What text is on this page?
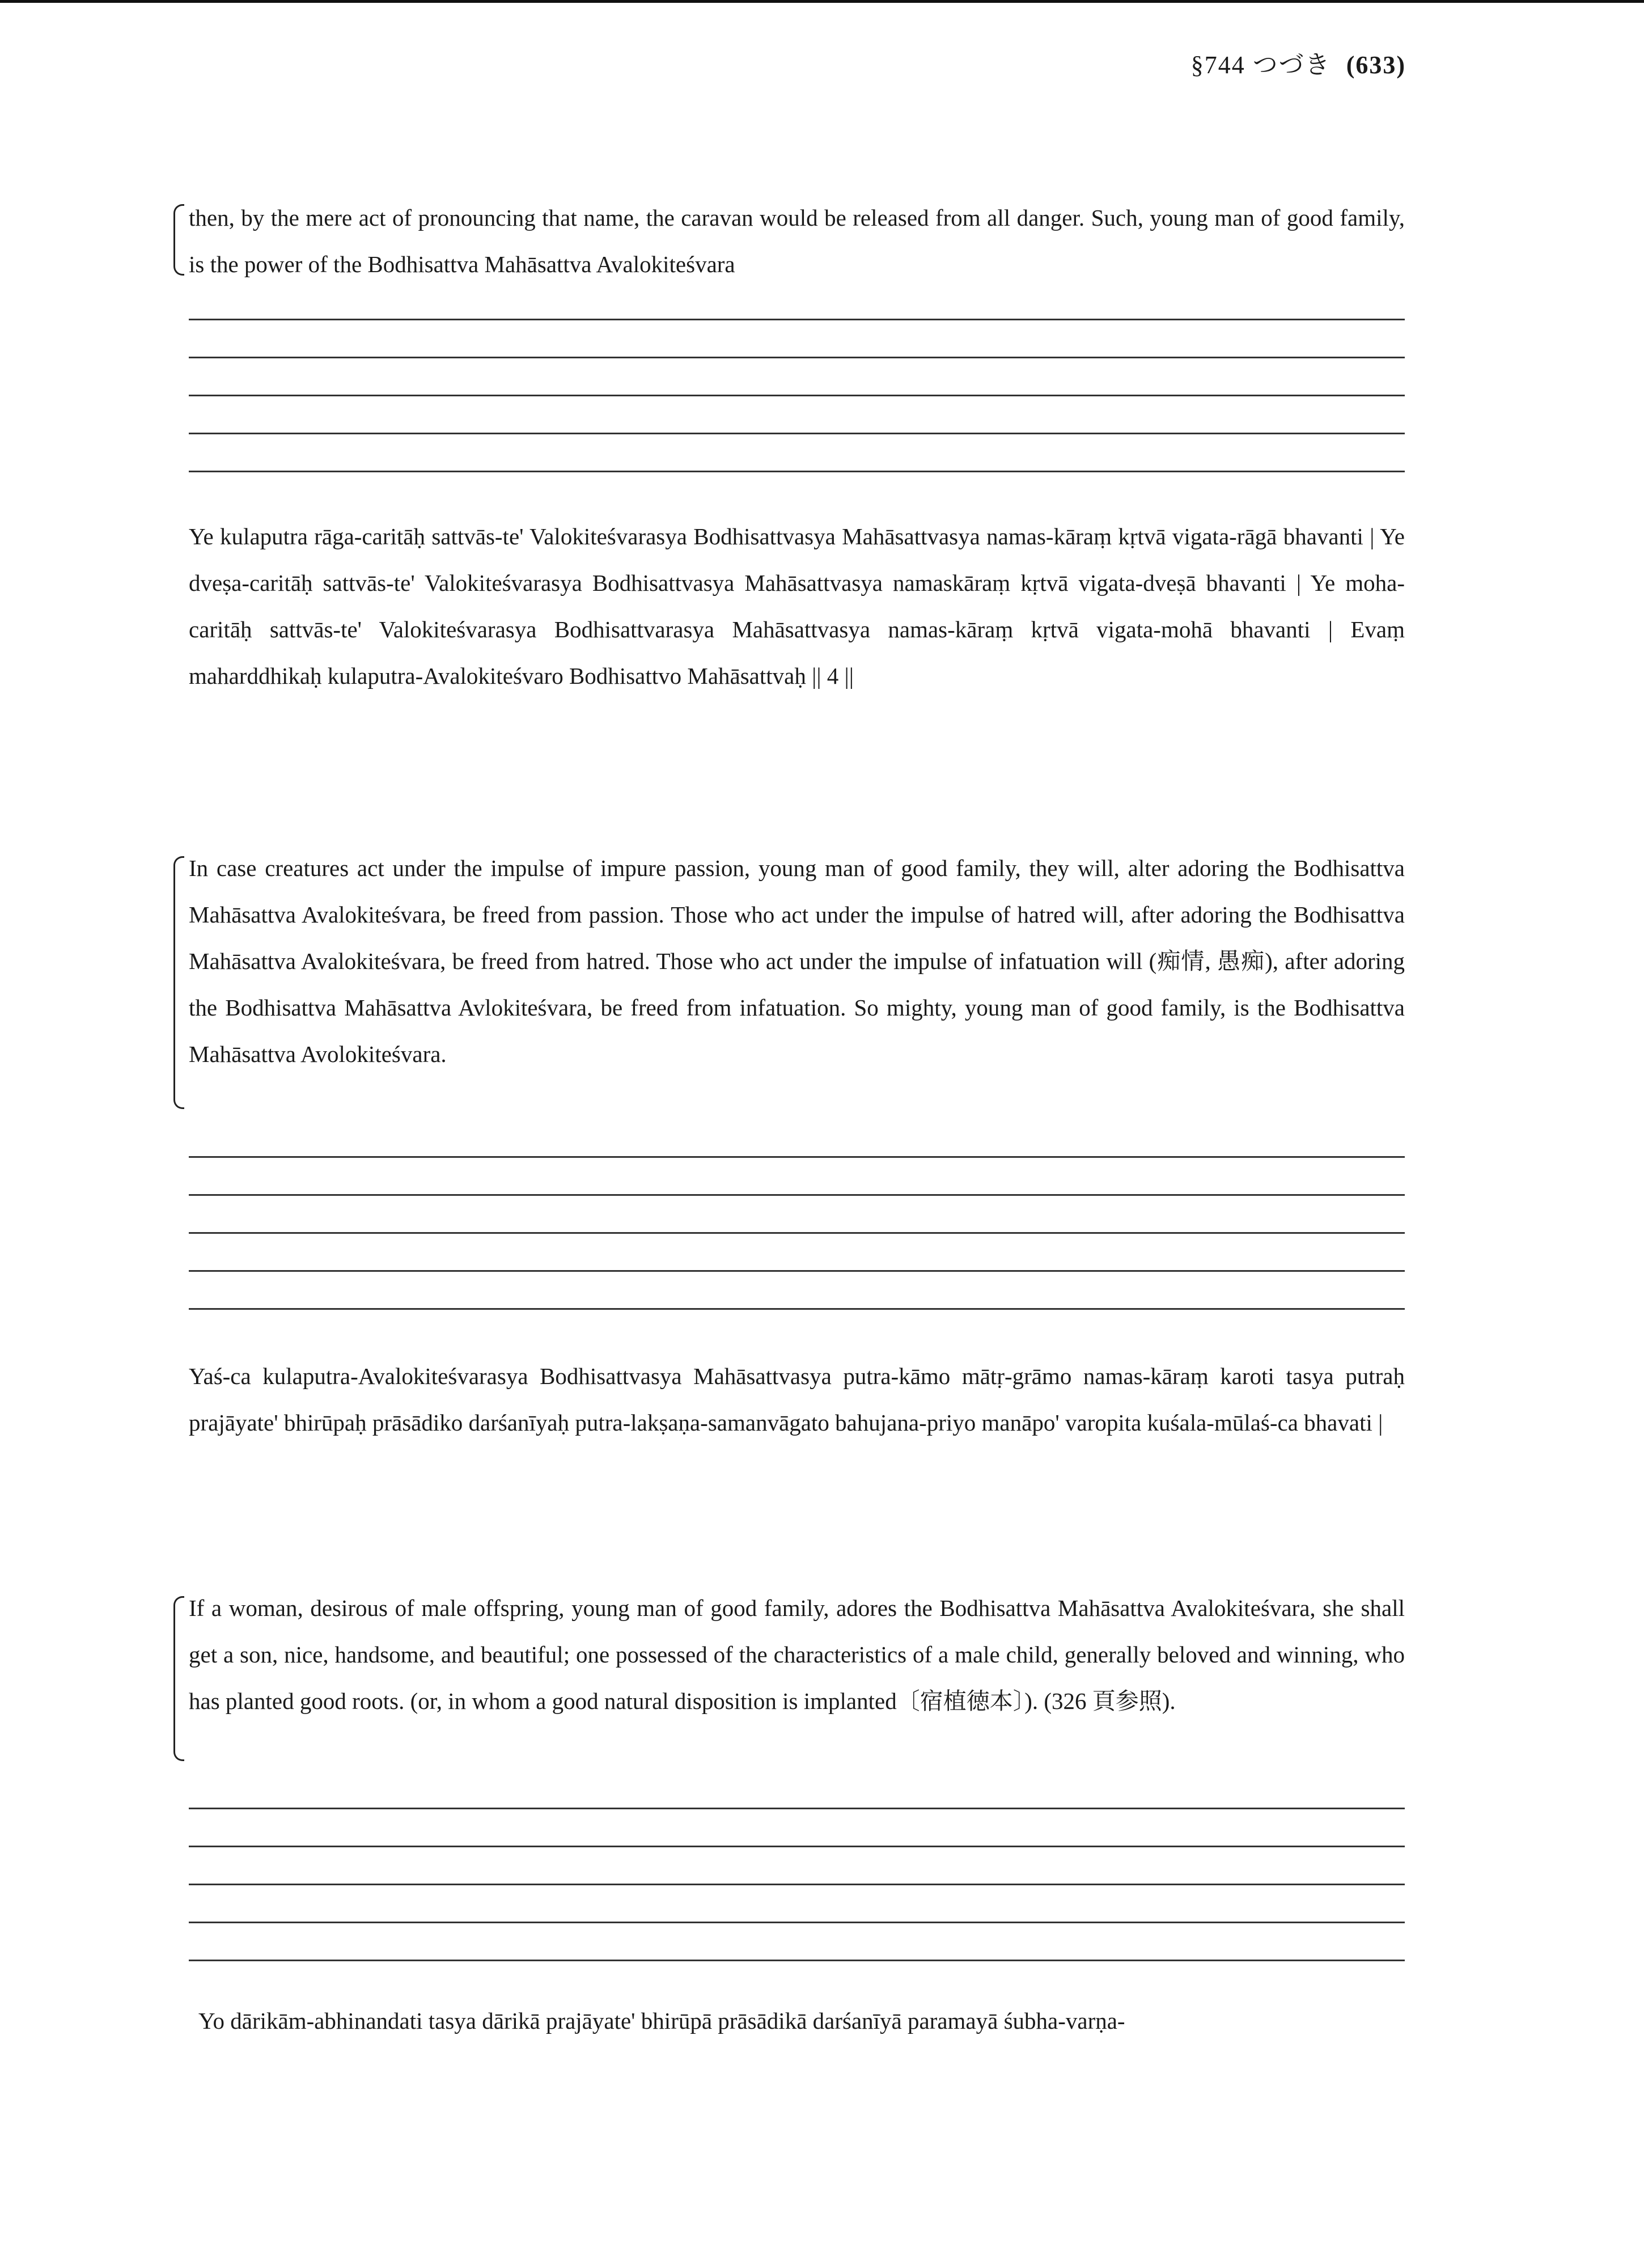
§744 つづき (633)
then, by the mere act of pronouncing that name, the caravan would be released from all danger. Such, young man of good family, is the power of the Bodhisattva Mahāsattva Avalokiteśvara
Ye kulaputra rāga-caritāḥ sattvās-te' Valokiteśvarasya Bodhisattvasya Mahāsattvasya namas-kāraṃ kṛtvā vigata-rāgā bhavanti | Ye dveṣa-caritāḥ sattvās-te' Valokiteśvarasya Bodhisattvasya Mahāsattvasya namaskāraṃ kṛtvā vigata-dveṣā bhavanti | Ye moha-caritāḥ sattvās-te' Valokiteśvarasya Bodhisattvarasya Mahāsattvasya namas-kāraṃ kṛtvā vigata-mohā bhavanti | Evaṃ maharddhikaḥ kulaputra-Avalokiteśvaro Bodhisattvo Mahāsattvaḥ || 4 ||
In case creatures act under the impulse of impure passion, young man of good family, they will, alter adoring the Bodhisattva Mahāsattva Avalokiteśvara, be freed from passion. Those who act under the impulse of hatred will, after adoring the Bodhisattva Mahāsattva Avalokiteśvara, be freed from hatred. Those who act under the impulse of infatuation will (痴情, 愚痴), after adoring the Bodhisattva Mahāsattva Avlokiteśvara, be freed from infatuation. So mighty, young man of good family, is the Bodhisattva Mahāsattva Avolokiteśvara.
Yaś-ca kulaputra-Avalokiteśvarasya Bodhisattvasya Mahāsattvasya putra-kāmo mātṛ-grāmo namas-kāraṃ karoti tasya putraḥ prajāyate' bhirūpaḥ prāsādiko darśanīyaḥ putra-lakṣaṇa-samanvāgato bahujana-priyo manāpo' varopita kuśala-mūlaś-ca bhavati |
If a woman, desirous of male offspring, young man of good family, adores the Bodhisattva Mahāsattva Avalokiteśvara, she shall get a son, nice, handsome, and beautiful; one possessed of the characteristics of a male child, generally beloved and winning, who has planted good roots. (or, in whom a good natural disposition is implanted〔宿植徳本〕). (326 頁参照).
Yo dārikām-abhinandati tasya dārikā prajāyate' bhirūpā prāsādikā darśanīyā paramayā śubha-varṇa-
